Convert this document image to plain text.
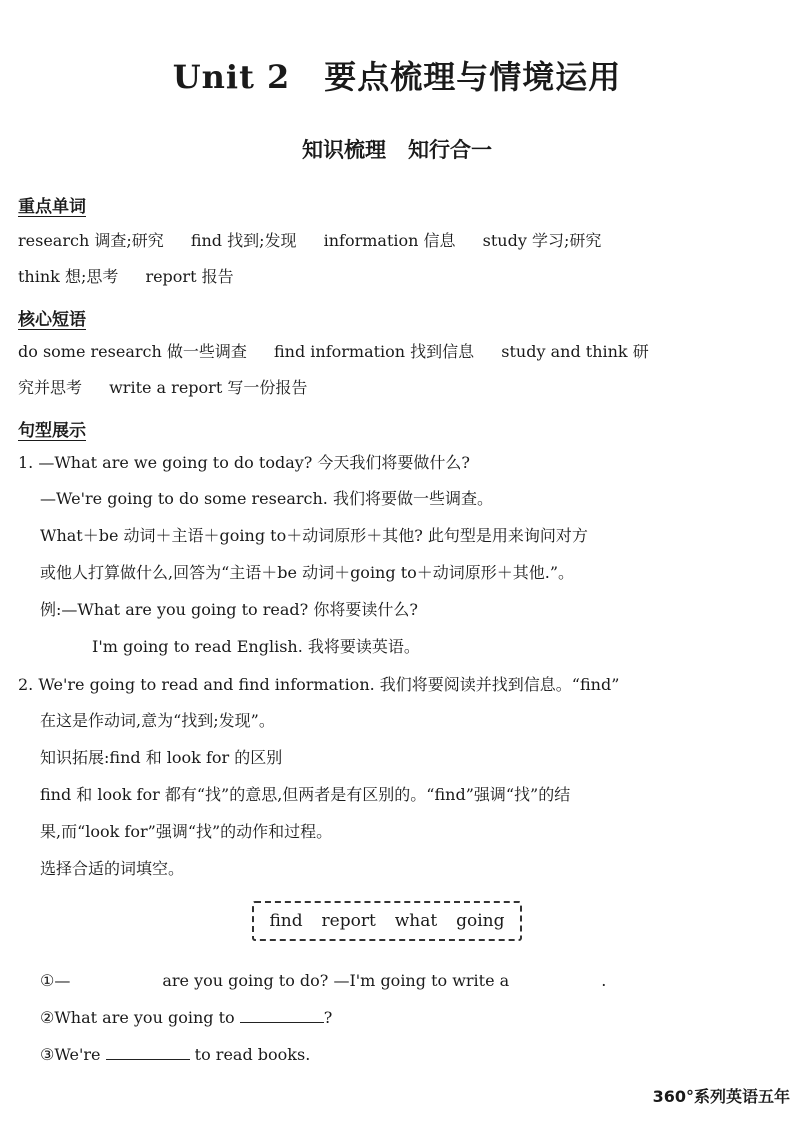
Unit 2 要点梳理与情境运用
知识梳理 知行合一
重点单词
research 调查;研究 find 找到;发现 information 信息 study 学习;研究
think 想;思考 report 报告
核心短语
do some research 做一些调查 find information 找到信息 study and think 研
究并思考 write a report 写一份报告
句型展示
1. —What are we going to do today? 今天我们将要做什么?
—We're going to do some research. 我们将要做一些调查。
What＋be 动词＋主语＋going to＋动词原形＋其他? 此句型是用来询问对方
或他人打算做什么,回答为“主语＋be 动词＋going to＋动词原形＋其他.”。
例:—What are you going to read? 你将要读什么?
I'm going to read English. 我将要读英语。
2. We're going to read and find information. 我们将要阅读并找到信息。“find”
在这是作动词,意为“找到;发现”。
知识拓展:find 和 look for 的区别
find 和 look for 都有“找”的意思,但两者是有区别的。“find”强调“找”的结
果,而“look for”强调“找”的动作和过程。
选择合适的词填空。
find report what going
①—	are you going to do? —I'm going to write a	.
②What are you going to	?
③We're	to read books.
360°系列英语五年
